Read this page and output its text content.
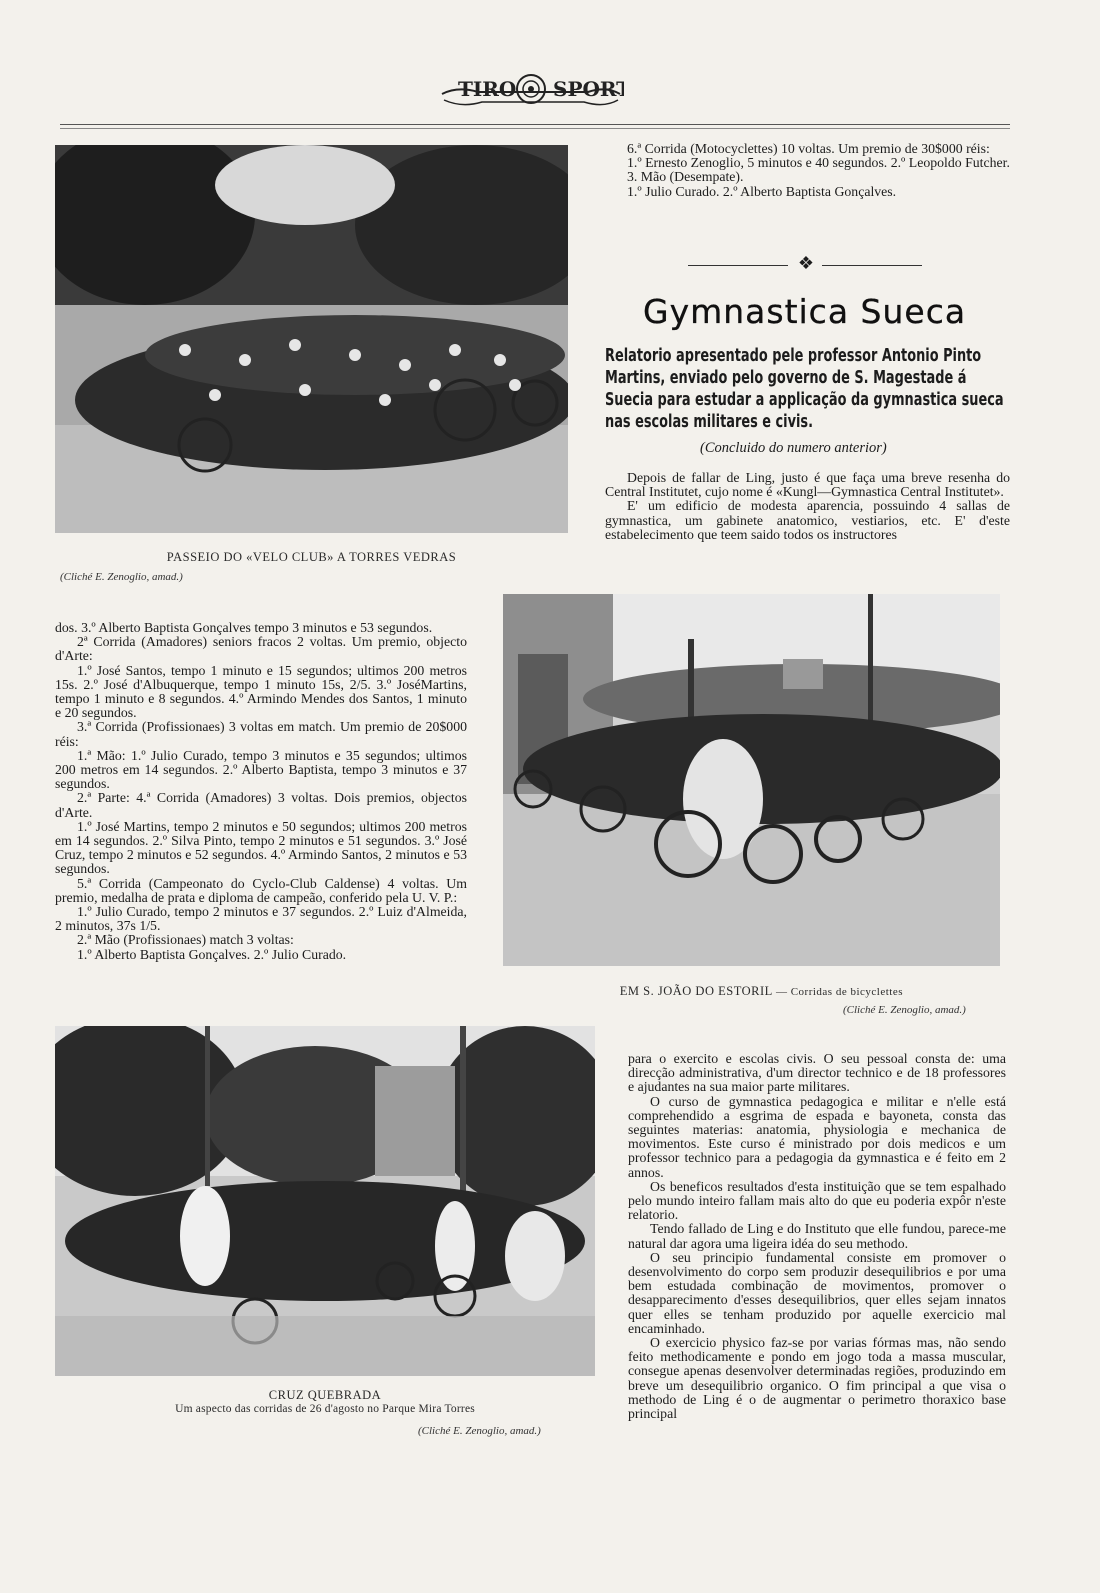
TIRO SPORT
PASSEIO DO «VELO CLUB» A TORRES VEDRAS
(Cliché E. Zenoglio, amad.)

6.ª Corrida (Motocyclettes) 10 voltas. Um premio de 30$000 réis:

1.º Ernesto Zenoglio, 5 minutos e 40 segundos. 2.º Leopoldo Futcher.

3. Mão (Desempate).

1.º Julio Curado. 2.º Alberto Baptista Gonçalves.

❖
Gymnastica Sueca
Relatorio apresentado pele professor Antonio Pinto Martins, enviado pelo governo de S. Magestade á Suecia para estudar a applicação da gymnastica sueca nas escolas militares e civis.
(Concluido do numero anterior)

Depois de fallar de Ling, justo é que faça uma breve resenha do Central Institutet, cujo nome é «Kungl—Gymnastica Central Institutet».

E' um edificio de modesta aparencia, possuindo 4 sallas de gymnastica, um gabinete anatomico, vestiarios, etc. E' d'este estabelecimento que teem saido todos os instructores

EM S. JOÃO DO ESTORIL — Corridas de bicyclettes
(Cliché E. Zenoglio, amad.)

dos. 3.º Alberto Baptista Gonçalves tempo 3 minutos e 53 segundos.

2ª Corrida (Amadores) seniors fracos 2 voltas. Um premio, objecto d'Arte:

1.º José Santos, tempo 1 minuto e 15 segundos; ultimos 200 metros 15s. 2.º José d'Albuquerque, tempo 1 minuto 15s, 2/5. 3.º JoséMartins, tempo 1 minuto e 8 segundos. 4.º Armindo Mendes dos Santos, 1 minuto e 20 segundos.

3.ª Corrida (Profissionaes) 3 voltas em match. Um premio de 20$000 réis:

1.ª Mão: 1.º Julio Curado, tempo 3 minutos e 35 segundos; ultimos 200 metros em 14 segundos. 2.º Alberto Baptista, tempo 3 minutos e 37 segundos.

2.ª Parte: 4.ª Corrida (Amadores) 3 voltas. Dois premios, objectos d'Arte.

1.º José Martins, tempo 2 minutos e 50 segundos; ultimos 200 metros em 14 segundos. 2.º Silva Pinto, tempo 2 minutos e 51 segundos. 3.º José Cruz, tempo 2 minutos e 52 segundos. 4.º Armindo Santos, 2 minutos e 53 segundos.

5.ª Corrida (Campeonato do Cyclo-Club Caldense) 4 voltas. Um premio, medalha de prata e diploma de campeão, conferido pela U. V. P.:

1.º Julio Curado, tempo 2 minutos e 37 segundos. 2.º Luiz d'Almeida, 2 minutos, 37s 1/5.

2.ª Mão (Profissionaes) match 3 voltas:

1.º Alberto Baptista Gonçalves. 2.º Julio Curado.

CRUZ QUEBRADA
Um aspecto das corridas de 26 d'agosto no Parque Mira Torres
(Cliché E. Zenoglio, amad.)

para o exercito e escolas civis. O seu pessoal consta de: uma direcção administrativa, d'um director technico e de 18 professores e ajudantes na sua maior parte militares.

O curso de gymnastica pedagogica e militar e n'elle está comprehendido a esgrima de espada e bayoneta, consta das seguintes materias: anatomia, physiologia e mechanica de movimentos. Este curso é ministrado por dois medicos e um professor technico para a pedagogia da gymnastica e é feito em 2 annos.

Os beneficos resultados d'esta instituição que se tem espalhado pelo mundo inteiro fallam mais alto do que eu poderia expôr n'este relatorio.

Tendo fallado de Ling e do Instituto que elle fundou, parece-me natural dar agora uma ligeira idéa do seu methodo.

O seu principio fundamental consiste em promover o desenvolvimento do corpo sem produzir desequilibrios e por uma bem estudada combinação de movimentos, promover o desapparecimento d'esses desequilibrios, quer elles sejam innatos quer elles se tenham produzido por aquelle exercicio mal encaminhado.

O exercicio physico faz-se por varias fórmas mas, não sendo feito methodicamente e pondo em jogo toda a massa muscular, consegue apenas desenvolver determinadas regiões, produzindo em breve um desequilibrio organico. O fim principal a que visa o methodo de Ling é o de augmentar o perimetro thoraxico base principal
